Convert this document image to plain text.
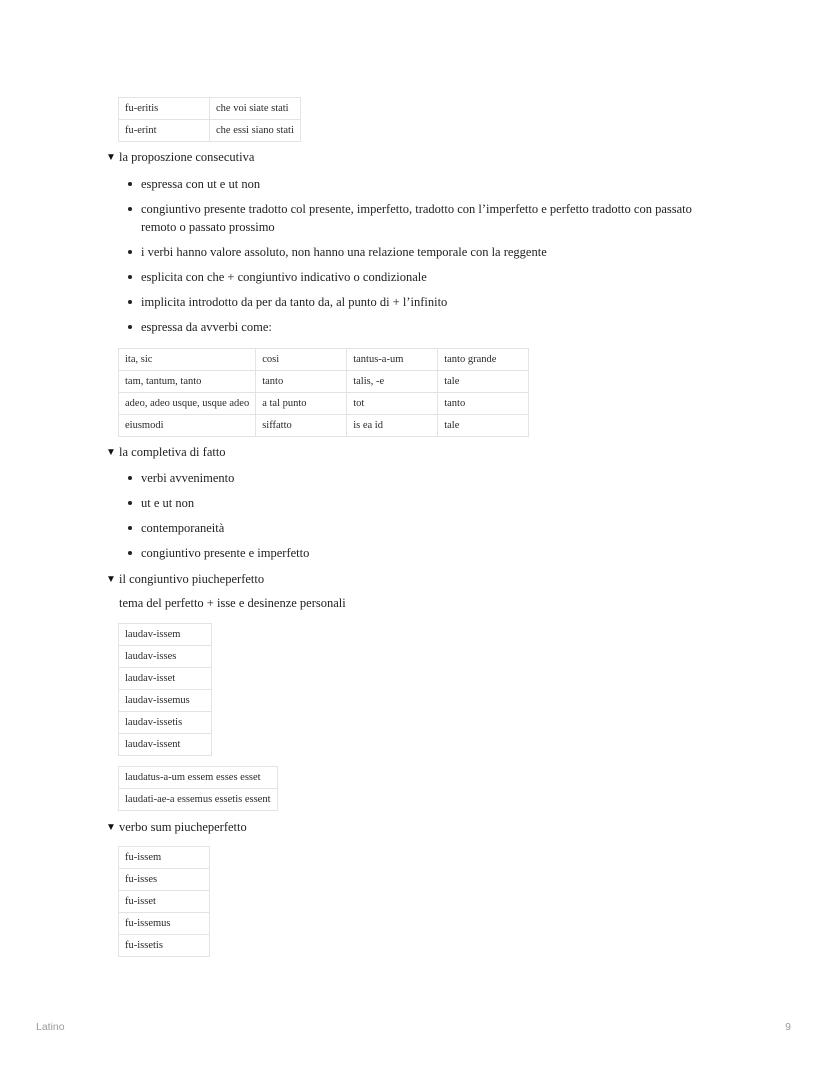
fu-eritis	che voi siate stati
fu-erint	che essi siano stati
▼ la proposzione consecutiva
espressa con ut e ut non
congiuntivo presente tradotto col presente, imperfetto, tradotto con l’imperfetto e perfetto tradotto con passato remoto o passato prossimo
i verbi hanno valore assoluto, non hanno una relazione temporale con la reggente
esplicita con che + congiuntivo indicativo o condizionale
implicita introdotto da per da tanto da, al punto di + l’infinito
espressa da avverbi come:
ita, sic	così	tantus-a-um	tanto grande
tam, tantum, tanto	tanto	talis, -e	tale
adeo, adeo usque, usque adeo	a tal punto	tot	tanto
eiusmodi	siffatto	is ea id	tale
▼ la completiva di fatto
verbi avvenimento
ut e ut non
contemporaneità
congiuntivo presente e imperfetto
▼ il congiuntivo piucheperfetto
tema del perfetto + isse e desinenze personali
laudav-issem
laudav-isses
laudav-isset
laudav-issemus
laudav-issetis
laudav-issent
laudatus-a-um essem esses esset
laudati-ae-a essemus essetis essent
▼ verbo sum piucheperfetto
fu-issem
fu-isses
fu-isset
fu-issemus
fu-issetis
Latino	9
